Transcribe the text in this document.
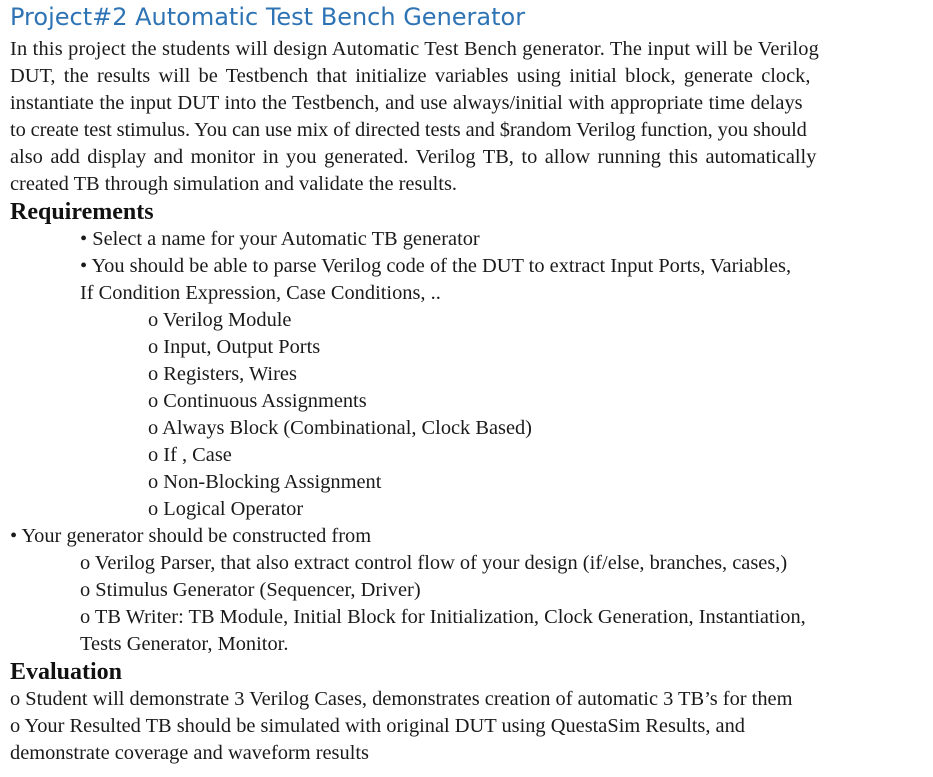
Project#2 Automatic Test Bench Generator
In this project the students will design Automatic Test Bench generator. The input will be Verilog
DUT, the results will be Testbench that initialize variables using initial block, generate clock,
instantiate the input DUT into the Testbench, and use always/initial with appropriate time delays
to create test stimulus. You can use mix of directed tests and $random Verilog function, you should
also add display and monitor in you generated. Verilog TB, to allow running this automatically
created TB through simulation and validate the results.
Requirements
• Select a name for your Automatic TB generator
• You should be able to parse Verilog code of the DUT to extract Input Ports, Variables,
If Condition Expression, Case Conditions, ..
o Verilog Module
o Input, Output Ports
o Registers, Wires
o Continuous Assignments
o Always Block (Combinational, Clock Based)
o If , Case
o Non-Blocking Assignment
o Logical Operator
• Your generator should be constructed from
o Verilog Parser, that also extract control flow of your design (if/else, branches, cases,)
o Stimulus Generator (Sequencer, Driver)
o TB Writer: TB Module, Initial Block for Initialization, Clock Generation, Instantiation,
Tests Generator, Monitor.
Evaluation
o Student will demonstrate 3 Verilog Cases, demonstrates creation of automatic 3 TB’s for them
o Your Resulted TB should be simulated with original DUT using QuestaSim Results, and
demonstrate coverage and waveform results
